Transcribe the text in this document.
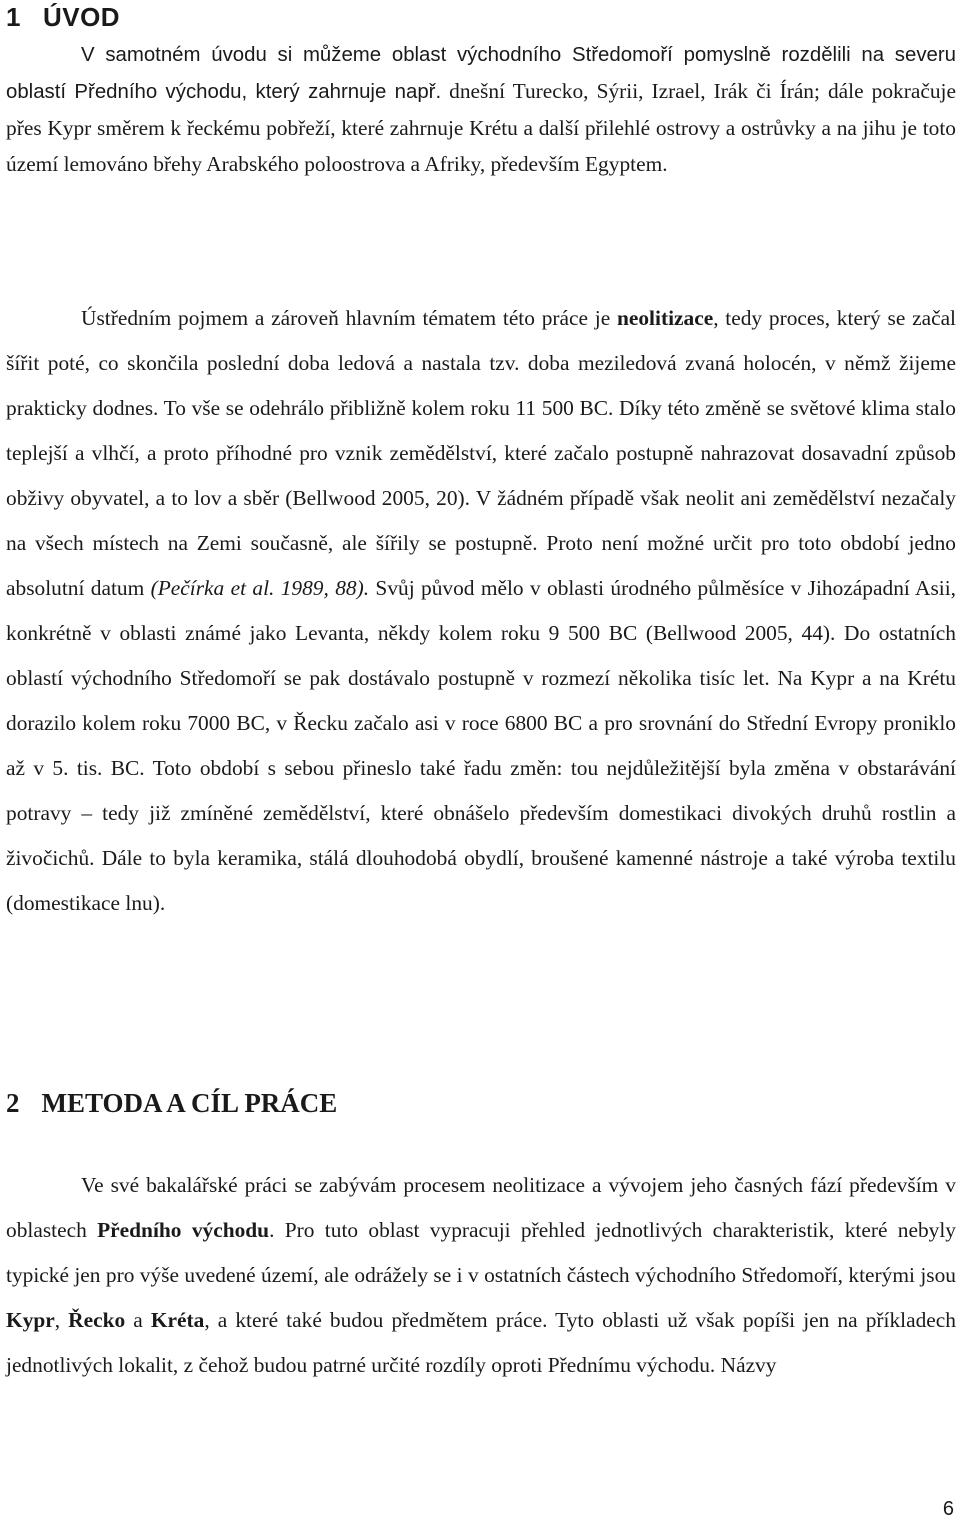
1 ÚVOD

V samotném úvodu si můžeme oblast východního Středomoří pomyslně rozdělili na severu oblastí Předního východu, který zahrnuje např. dnešní Turecko, Sýrii, Izrael, Irák či Írán; dále pokračuje přes Kypr směrem k řeckému pobřeží, které zahrnuje Krétu a další přilehlé ostrovy a ostrůvky a na jihu je toto území lemováno břehy Arabského poloostrova a Afriky, především Egyptem.

Ústředním pojmem a zároveň hlavním tématem této práce je neolitizace, tedy proces, který se začal šířit poté, co skončila poslední doba ledová a nastala tzv. doba meziledová zvaná holocén, v němž žijeme prakticky dodnes. To vše se odehrálo přibližně kolem roku 11 500 BC. Díky této změně se světové klima stalo teplejší a vlhčí, a proto příhodné pro vznik zemědělství, které začalo postupně nahrazovat dosavadní způsob obživy obyvatel, a to lov a sběr (Bellwood 2005, 20). V žádném případě však neolit ani zemědělství nezačaly na všech místech na Zemi současně, ale šířily se postupně. Proto není možné určit pro toto období jedno absolutní datum (Pečírka et al. 1989, 88). Svůj původ mělo v oblasti úrodného půlměsíce v Jihozápadní Asii, konkrétně v oblasti známé jako Levanta, někdy kolem roku 9 500 BC (Bellwood 2005, 44). Do ostatních oblastí východního Středomoří se pak dostávalo postupně v rozmezí několika tisíc let. Na Kypr a na Krétu dorazilo kolem roku 7000 BC, v Řecku začalo asi v roce 6800 BC a pro srovnání do Střední Evropy proniklo až v 5. tis. BC. Toto období s sebou přineslo také řadu změn: tou nejdůležitější byla změna v obstarávání potravy – tedy již zmíněné zemědělství, které obnášelo především domestikaci divokých druhů rostlin a živočichů. Dále to byla keramika, stálá dlouhodobá obydlí, broušené kamenné nástroje a také výroba textilu (domestikace lnu).

2 METODA A CÍL PRÁCE

Ve své bakalářské práci se zabývám procesem neolitizace a vývojem jeho časných fází především v oblastech Předního východu. Pro tuto oblast vypracuji přehled jednotlivých charakteristik, které nebyly typické jen pro výše uvedené území, ale odrážely se i v ostatních částech východního Středomoří, kterými jsou Kypr, Řecko a Kréta, a které také budou předmětem práce. Tyto oblasti už však popíši jen na příkladech jednotlivých lokalit, z čehož budou patrné určité rozdíly oproti Přednímu východu. Názvy

6
